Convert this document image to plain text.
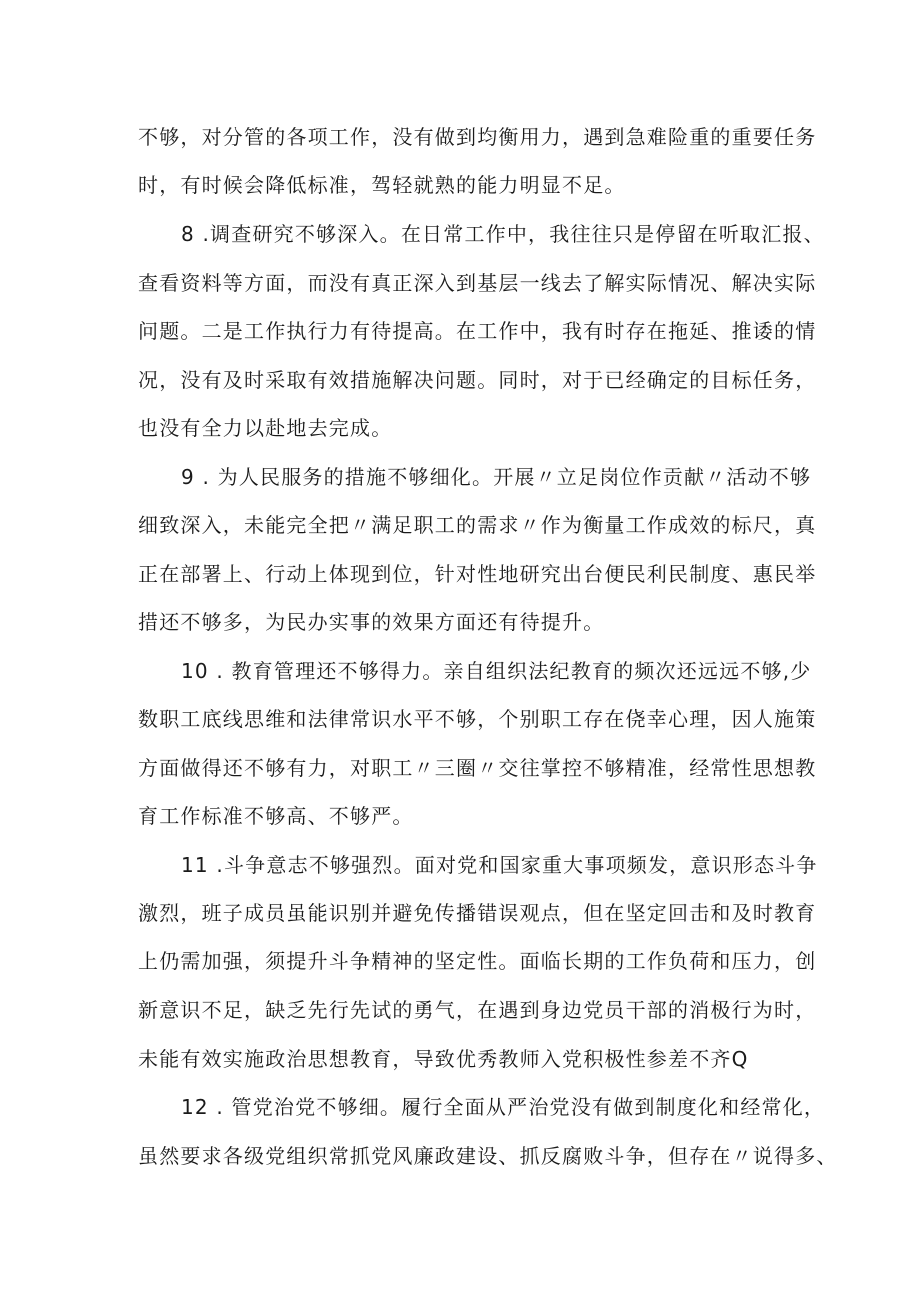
不够，对分管的各项工作，没有做到均衡用力，遇到急难险重的重要任务
时，有时候会降低标准，驾轻就熟的能力明显不足。
8 .调查研究不够深入。在日常工作中，我往往只是停留在听取汇报、
查看资料等方面，而没有真正深入到基层一线去了解实际情况、解决实际
问题。二是工作执行力有待提高。在工作中，我有时存在拖延、推诿的情
况，没有及时采取有效措施解决问题。同时，对于已经确定的目标任务，
也没有全力以赴地去完成。
9 . 为人民服务的措施不够细化。开展〃立足岗位作贡献〃活动不够
细致深入，未能完全把〃满足职工的需求〃作为衡量工作成效的标尺，真
正在部署上、行动上体现到位，针对性地研究出台便民利民制度、惠民举
措还不够多，为民办实事的效果方面还有待提升。
10 . 教育管理还不够得力。亲自组织法纪教育的频次还远远不够,少
数职工底线思维和法律常识水平不够，个别职工存在侥幸心理，因人施策
方面做得还不够有力，对职工〃三圈〃交往掌控不够精准，经常性思想教
育工作标准不够高、不够严。
11 .斗争意志不够强烈。面对党和国家重大事项频发，意识形态斗争
激烈，班子成员虽能识别并避免传播错误观点，但在坚定回击和及时教育
上仍需加强，须提升斗争精神的坚定性。面临长期的工作负荷和压力，创
新意识不足，缺乏先行先试的勇气，在遇到身边党员干部的消极行为时，
未能有效实施政治思想教育，导致优秀教师入党积极性参差不齐Q
12 . 管党治党不够细。履行全面从严治党没有做到制度化和经常化，
虽然要求各级党组织常抓党风廉政建设、抓反腐败斗争，但存在〃说得多、
